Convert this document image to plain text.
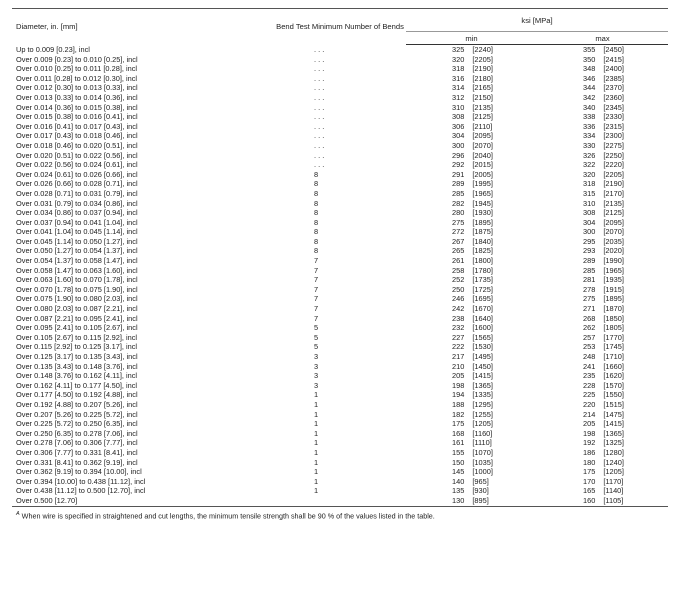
Diameter, in. [mm]	Bend Test Minimum Number of Bends	ksi [MPa]	
		min	max
Up to 0.009 [0.23], incl	. . .	325 [2240]	355 [2450]
Over 0.009 [0.23] to 0.010 [0.25], incl	. . .	320 [2205]	350 [2415]
Over 0.010 [0.25] to 0.011 [0.28], incl	. . .	318 [2190]	348 [2400]
Over 0.011 [0.28] to 0.012 [0.30], incl	. . .	316 [2180]	346 [2385]
Over 0.012 [0.30] to 0.013 [0.33], incl	. . .	314 [2165]	344 [2370]
Over 0.013 [0.33] to 0.014 [0.36], incl	. . .	312 [2150]	342 [2360]
Over 0.014 [0.36] to 0.015 [0.38], incl	. . .	310 [2135]	340 [2345]
Over 0.015 [0.38] to 0.016 [0.41], incl	. . .	308 [2125]	338 [2330]
Over 0.016 [0.41] to 0.017 [0.43], incl	. . .	306 [2110]	336 [2315]
Over 0.017 [0.43] to 0.018 [0.46], incl	. . .	304 [2095]	334 [2300]
Over 0.018 [0.46] to 0.020 [0.51], incl	. . .	300 [2070]	330 [2275]
Over 0.020 [0.51] to 0.022 [0.56], incl	. . .	296 [2040]	326 [2250]
Over 0.022 [0.56] to 0.024 [0.61], incl	. . .	292 [2015]	322 [2220]
Over 0.024 [0.61] to 0.026 [0.66], incl	8	291 [2005]	320 [2205]
Over 0.026 [0.66] to 0.028 [0.71], incl	8	289 [1995]	318 [2190]
Over 0.028 [0.71] to 0.031 [0.79], incl	8	285 [1965]	315 [2170]
Over 0.031 [0.79] to 0.034 [0.86], incl	8	282 [1945]	310 [2135]
Over 0.034 [0.86] to 0.037 [0.94], incl	8	280 [1930]	308 [2125]
Over 0.037 [0.94] to 0.041 [1.04], incl	8	275 [1895]	304 [2095]
Over 0.041 [1.04] to 0.045 [1.14], incl	8	272 [1875]	300 [2070]
Over 0.045 [1.14] to 0.050 [1.27], incl	8	267 [1840]	295 [2035]
Over 0.050 [1.27] to 0.054 [1.37], incl	8	265 [1825]	293 [2020]
Over 0.054 [1.37] to 0.058 [1.47], incl	7	261 [1800]	289 [1990]
Over 0.058 [1.47] to 0.063 [1.60], incl	7	258 [1780]	285 [1965]
Over 0.063 [1.60] to 0.070 [1.78], incl	7	252 [1735]	281 [1935]
Over 0.070 [1.78] to 0.075 [1.90], incl	7	250 [1725]	278 [1915]
Over 0.075 [1.90] to 0.080 [2.03], incl	7	246 [1695]	275 [1895]
Over 0.080 [2.03] to 0.087 [2.21], incl	7	242 [1670]	271 [1870]
Over 0.087 [2.21] to 0.095 [2.41], incl	7	238 [1640]	268 [1850]
Over 0.095 [2.41] to 0.105 [2.67], incl	5	232 [1600]	262 [1805]
Over 0.105 [2.67] to 0.115 [2.92], incl	5	227 [1565]	257 [1770]
Over 0.115 [2.92] to 0.125 [3.17], incl	5	222 [1530]	253 [1745]
Over 0.125 [3.17] to 0.135 [3.43], incl	3	217 [1495]	248 [1710]
Over 0.135 [3.43] to 0.148 [3.76], incl	3	210 [1450]	241 [1660]
Over 0.148 [3.76] to 0.162 [4.11], incl	3	205 [1415]	235 [1620]
Over 0.162 [4.11] to 0.177 [4.50], incl	3	198 [1365]	228 [1570]
Over 0.177 [4.50] to 0.192 [4.88], incl	1	194 [1335]	225 [1550]
Over 0.192 [4.88] to 0.207 [5.26], incl	1	188 [1295]	220 [1515]
Over 0.207 [5.26] to 0.225 [5.72], incl	1	182 [1255]	214 [1475]
Over 0.225 [5.72] to 0.250 [6.35], incl	1	175 [1205]	205 [1415]
Over 0.250 [6.35] to 0.278 [7.06], incl	1	168 [1160]	198 [1365]
Over 0.278 [7.06] to 0.306 [7.77], incl	1	161 [1110]	192 [1325]
Over 0.306 [7.77] to 0.331 [8.41], incl	1	155 [1070]	186 [1280]
Over 0.331 [8.41] to 0.362 [9.19], incl	1	150 [1035]	180 [1240]
Over 0.362 [9.19] to 0.394 [10.00], incl	1	145 [1000]	175 [1205]
Over 0.394 [10.00] to 0.438 [11.12], incl	1	140 [965]	170 [1170]
Over 0.438 [11.12] to 0.500 [12.70], incl	1	135 [930]	165 [1140]
Over 0.500 [12.70]		130 [895]	160 [1105]
$^A$ When wire is specified in straightened and cut lengths, the minimum tensile strength shall be 90 % of the values listed in the table.
